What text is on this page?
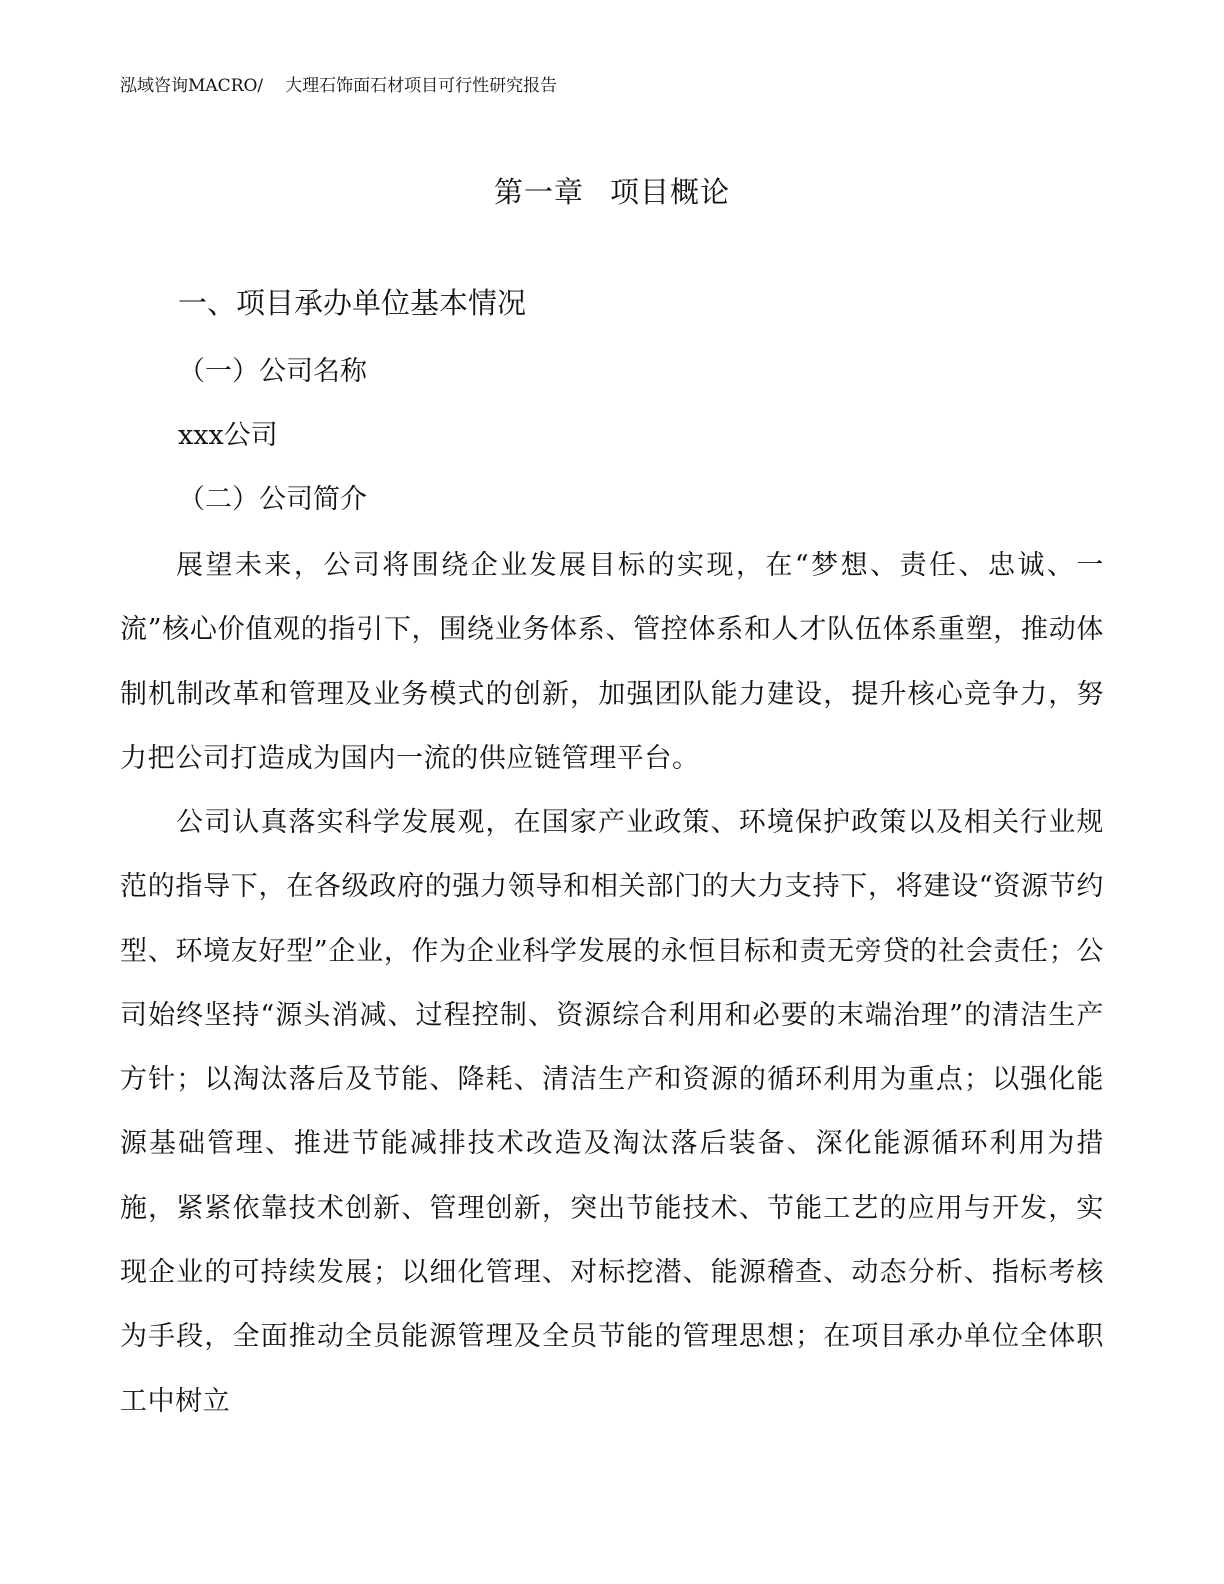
泓域咨询MACRO/ 大理石饰面石材项目可行性研究报告
第一章 项目概论
一、项目承办单位基本情况
（一）公司名称
xxx公司
（二）公司简介

展望未来，公司将围绕企业发展目标的实现，在“梦想、责任、忠诚、一流”核心价值观的指引下，围绕业务体系、管控体系和人才队伍体系重塑，推动体制机制改革和管理及业务模式的创新，加强团队能力建设，提升核心竞争力，努力把公司打造成为国内一流的供应链管理平台。

公司认真落实科学发展观，在国家产业政策、环境保护政策以及相关行业规范的指导下，在各级政府的强力领导和相关部门的大力支持下，将建设“资源节约型、环境友好型”企业，作为企业科学发展的永恒目标和责无旁贷的社会责任；公司始终坚持“源头消减、过程控制、资源综合利用和必要的末端治理”的清洁生产方针；以淘汰落后及节能、降耗、清洁生产和资源的循环利用为重点；以强化能源基础管理、推进节能减排技术改造及淘汰落后装备、深化能源循环利用为措施，紧紧依靠技术创新、管理创新，突出节能技术、节能工艺的应用与开发，实现企业的可持续发展；以细化管理、对标挖潜、能源稽查、动态分析、指标考核为手段，全面推动全员能源管理及全员节能的管理思想；在项目承办单位全体职工中树立
